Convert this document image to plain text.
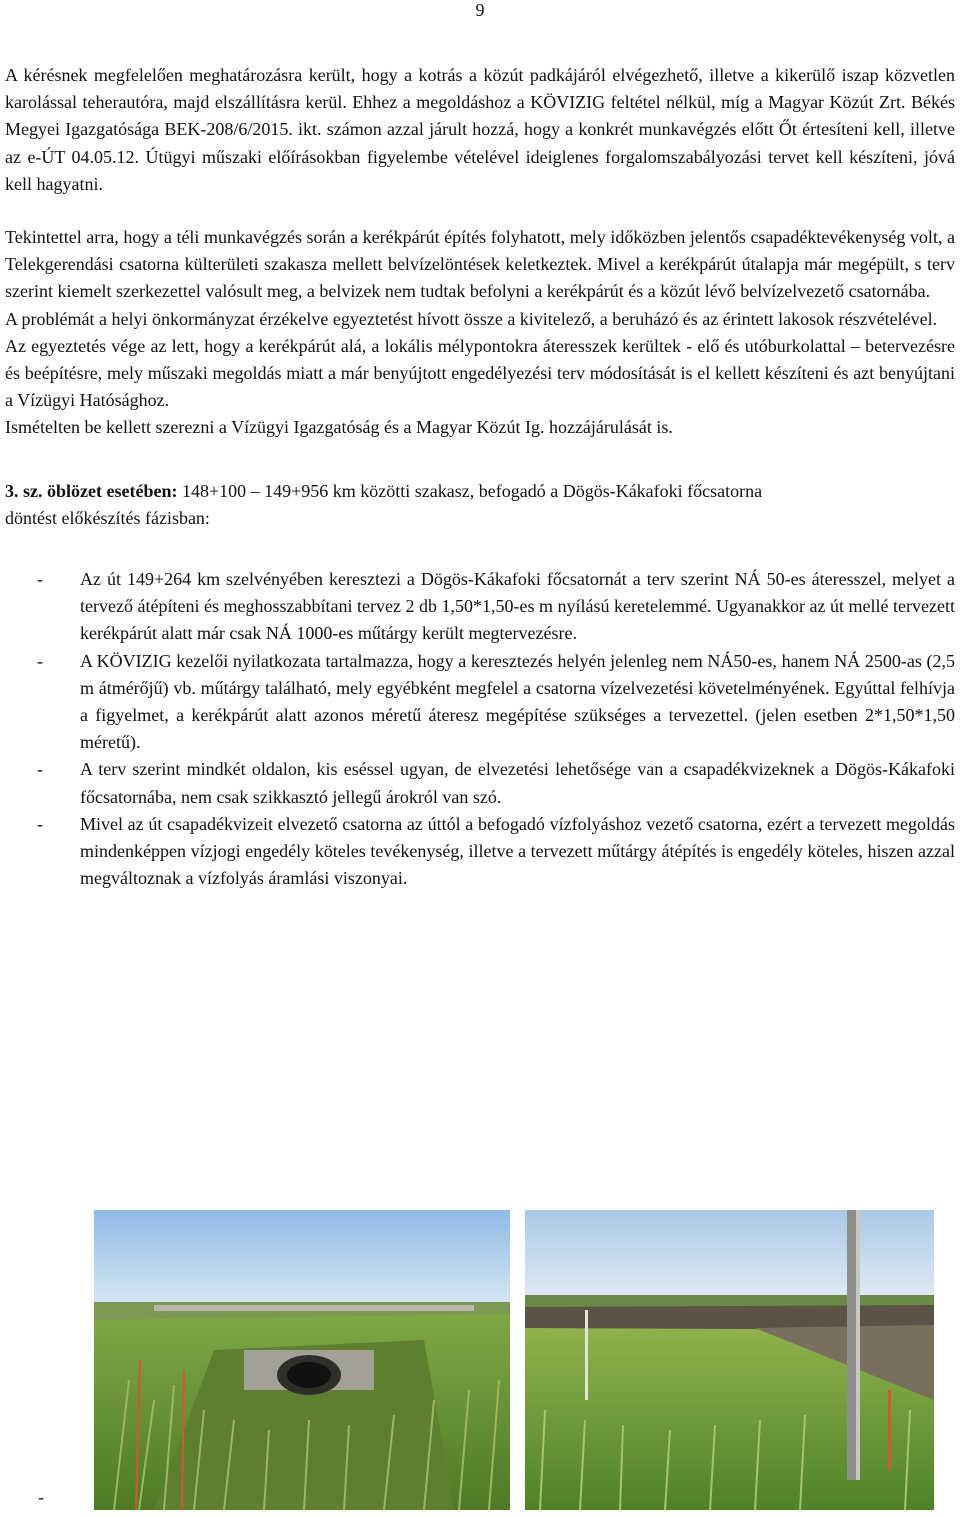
9

A kérésnek megfelelően meghatározásra került, hogy a kotrás a közút padkájáról elvégezhető, illetve a kikerülő iszap közvetlen karolással teherautóra, majd elszállításra kerül. Ehhez a megoldáshoz a KÖVIZIG feltétel nélkül, míg a Magyar Közút Zrt. Békés Megyei Igazgatósága BEK-208/6/2015. ikt. számon azzal járult hozzá, hogy a konkrét munkavégzés előtt Őt értesíteni kell, illetve az e-ÚT 04.05.12. Útügyi műszaki előírásokban figyelembe vételével ideiglenes forgalomszabályozási tervet kell készíteni, jóvá kell hagyatni.

Tekintettel arra, hogy a téli munkavégzés során a kerékpárút építés folyhatott, mely időközben jelentős csapadéktevékenység volt, a Telekgerendási csatorna külterületi szakasza mellett belvízelöntések keletkeztek. Mivel a kerékpárút útalapja már megépült, s terv szerint kiemelt szerkezettel valósult meg, a belvizek nem tudtak befolyni a kerékpárút és a közút lévő belvízelvezető csatornába.

A problémát a helyi önkormányzat érzékelve egyeztetést hívott össze a kivitelező, a beruházó és az érintett lakosok részvételével.

Az egyeztetés vége az lett, hogy a kerékpárút alá, a lokális mélypontokra áteresszek kerültek - elő és utóburkolattal – betervezésre és beépítésre, mely műszaki megoldás miatt a már benyújtott engedélyezési terv módosítását is el kellett készíteni és azt benyújtani a Vízügyi Hatósághoz.

Ismételten be kellett szerezni a Vízügyi Igazgatóság és a Magyar Közút Ig. hozzájárulását is.

3. sz. öblözet esetében: 148+100 – 149+956 km közötti szakasz, befogadó a Dögös-Kákafoki főcsatorna

döntést előkészítés fázisban:

- Az út 149+264 km szelvényében keresztezi a Dögös-Kákafoki főcsatornát a terv szerint NÁ 50-es áteresszel, melyet a tervező átépíteni és meghosszabbítani tervez 2 db 1,50*1,50-es m nyílású keretelemmé. Ugyanakkor az út mellé tervezett kerékpárút alatt már csak NÁ 1000-es műtárgy került megtervezésre.
- A KÖVIZIG kezelői nyilatkozata tartalmazza, hogy a keresztezés helyén jelenleg nem NÁ50-es, hanem NÁ 2500-as (2,5 m átmérőjű) vb. műtárgy található, mely egyébként megfelel a csatorna vízelvezetési követelményének. Egyúttal felhívja a figyelmet, a kerékpárút alatt azonos méretű áteresz megépítése szükséges a tervezettel. (jelen esetben 2*1,50*1,50 méretű).
- A terv szerint mindkét oldalon, kis eséssel ugyan, de elvezetési lehetősége van a csapadékvizeknek a Dögös-Kákafoki főcsatornába, nem csak szikkasztó jellegű árokról van szó.
- Mivel az út csapadékvizeit elvezető csatorna az úttól a befogadó vízfolyáshoz vezető csatorna, ezért a tervezett megoldás mindenképpen vízjogi engedély köteles tevékenység, illetve a tervezett műtárgy átépítés is engedély köteles, hiszen azzal megváltoznak a vízfolyás áramlási viszonyai.
-
